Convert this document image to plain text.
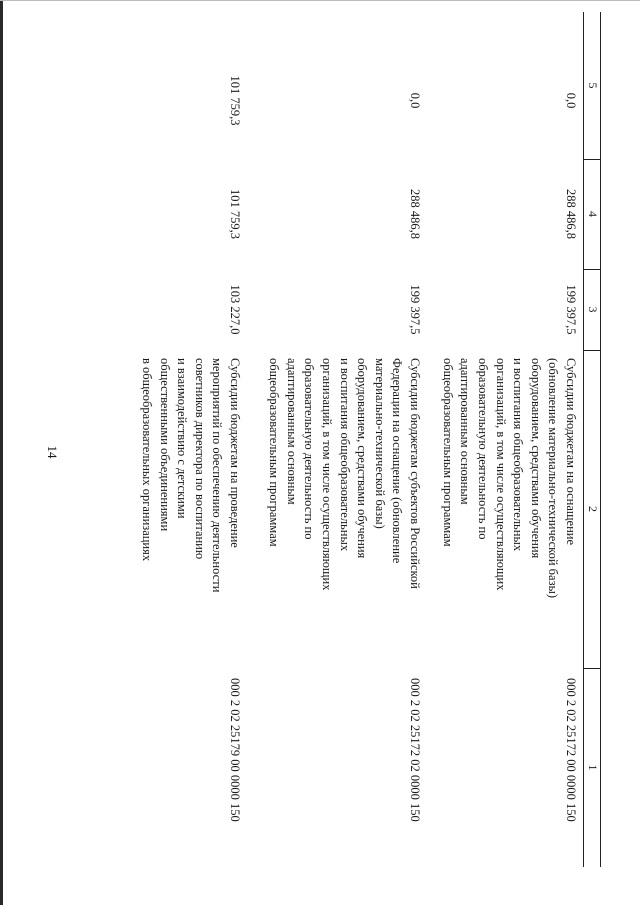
14
1
2
3
4
5
000 2 02 25172 00 0000 150
Субсидии бюджетам на оснащение
(обновление материально-технической базы)
оборудованием, средствами обучения
и воспитания общеобразовательных
организаций, в том числе осуществляющих
образовательную деятельность по
адаптированным основным
общеобразовательным программам
199 397,5
288 486,8
0,0
000 2 02 25172 02 0000 150
Субсидии бюджетам субъектов Российской
Федерации на оснащение (обновление
материально-технической базы)
оборудованием, средствами обучения
и воспитания общеобразовательных
организаций, в том числе осуществляющих
образовательную деятельность по
адаптированным основным
общеобразовательным программам
199 397,5
288 486,8
0,0
000 2 02 25179 00 0000 150
Субсидии бюджетам на проведение
мероприятий по обеспечению деятельности
советников директора по воспитанию
и взаимодействию с детскими
общественными объединениями
в общеобразовательных организациях
103 227,0
101 759,3
101 759,3
